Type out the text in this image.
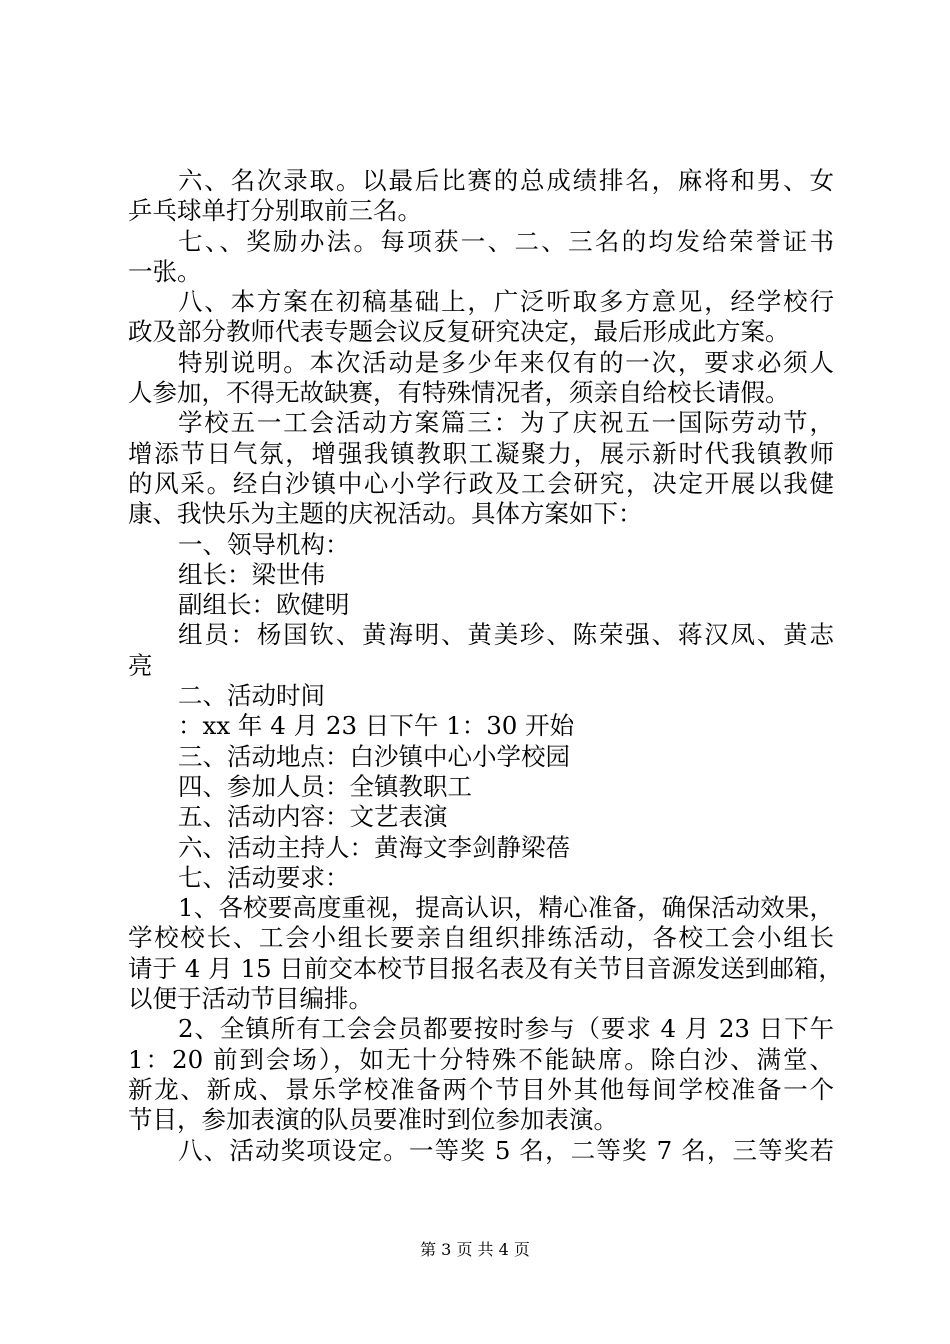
六、名次录取。以最后比赛的总成绩排名，麻将和男、女
乒乓球单打分别取前三名。
七、、奖励办法。每项获一、二、三名的均发给荣誉证书
一张。
八、本方案在初稿基础上，广泛听取多方意见，经学校行
政及部分教师代表专题会议反复研究决定，最后形成此方案。
特别说明。本次活动是多少年来仅有的一次，要求必须人
人参加，不得无故缺赛，有特殊情况者，须亲自给校长请假。
学校五一工会活动方案篇三：为了庆祝五一国际劳动节，
增添节日气氛，增强我镇教职工凝聚力，展示新时代我镇教师
的风采。经白沙镇中心小学行政及工会研究，决定开展以我健
康、我快乐为主题的庆祝活动。具体方案如下：
一、领导机构：
组长：梁世伟
副组长：欧健明
组员：杨国钦、黄海明、黄美珍、陈荣强、蒋汉凤、黄志
亮
二、活动时间
：xx 年 4 月 23 日下午 1：30 开始
三、活动地点：白沙镇中心小学校园
四、参加人员：全镇教职工
五、活动内容：文艺表演
六、活动主持人：黄海文李剑静梁蓓
七、活动要求：
1、各校要高度重视，提高认识，精心准备，确保活动效果，
学校校长、工会小组长要亲自组织排练活动，各校工会小组长
请于 4 月 15 日前交本校节目报名表及有关节目音源发送到邮箱，
以便于活动节目编排。
2、全镇所有工会会员都要按时参与（要求 4 月 23 日下午
1：20 前到会场），如无十分特殊不能缺席。除白沙、满堂、
新龙、新成、景乐学校准备两个节目外其他每间学校准备一个
节目，参加表演的队员要准时到位参加表演。
八、活动奖项设定。一等奖 5 名，二等奖 7 名，三等奖若
第 3 页 共 4 页
